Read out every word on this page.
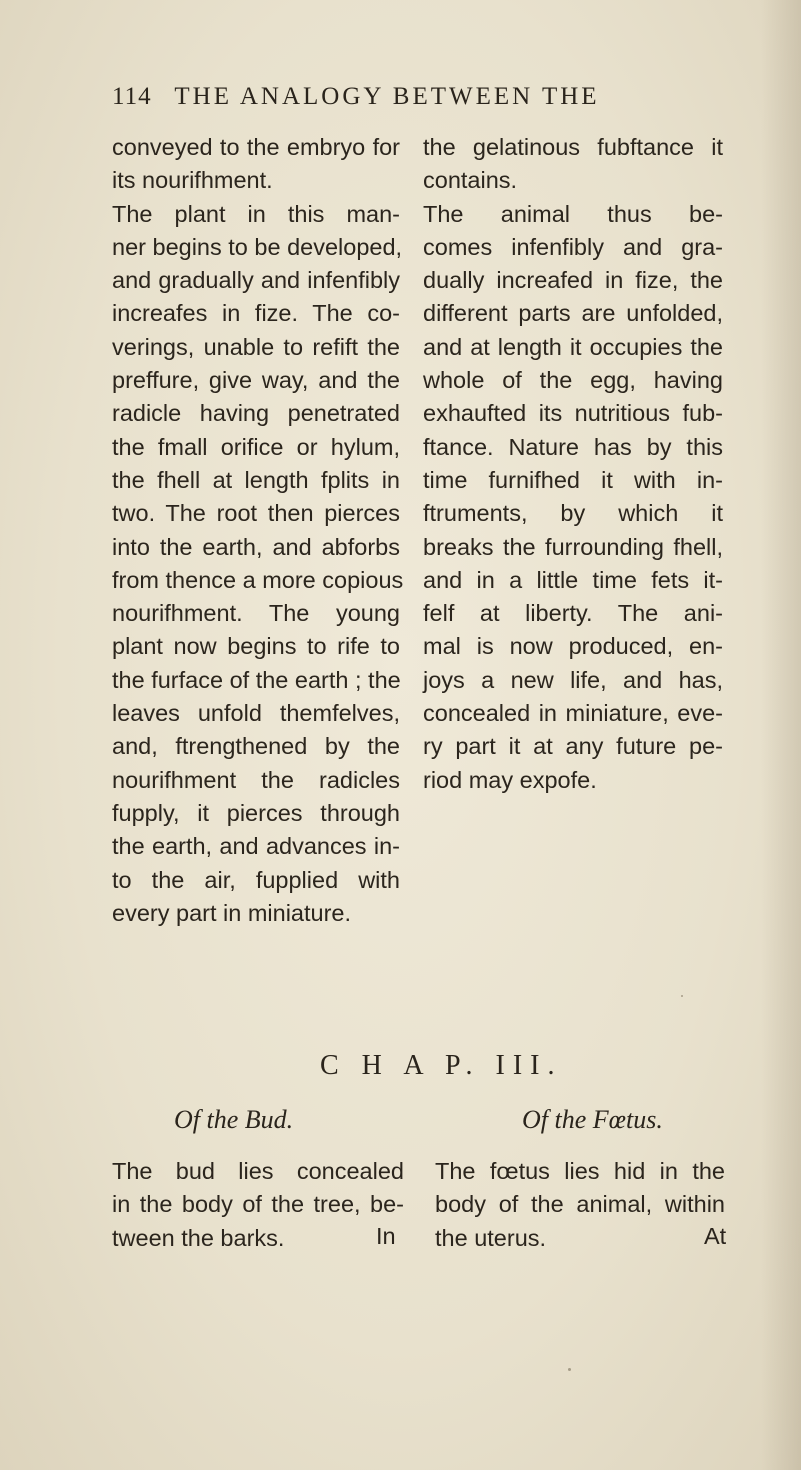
114 THE ANALOGY BETWEEN THE
conveyed to the embryo for
its nourifhment.
The plant in this man-
ner begins to be developed,
and gradually and infenfibly
increafes in fize. The co-
verings, unable to refift the
preffure, give way, and the
radicle having penetrated
the fmall orifice or hylum,
the fhell at length fplits in
two. The root then pierces
into the earth, and abforbs
from thence a more copious
nourifhment. The young
plant now begins to rife to
the furface of the earth ; the
leaves unfold themfelves,
and, ftrengthened by the
nourifhment the radicles
fupply, it pierces through
the earth, and advances in-
to the air, fupplied with
every part in miniature.
the gelatinous fubftance it
contains.
The animal thus be-
comes infenfibly and gra-
dually increafed in fize, the
different parts are unfolded,
and at length it occupies the
whole of the egg, having
exhaufted its nutritious fub-
ftance. Nature has by this
time furnifhed it with in-
ftruments, by which it
breaks the furrounding fhell,
and in a little time fets it-
felf at liberty. The ani-
mal is now produced, en-
joys a new life, and has,
concealed in miniature, eve-
ry part it at any future pe-
riod may expofe.
C H A P. III.
Of the Bud.	Of the Fœtus.
The bud lies concealed
in the body of the tree, be-
tween the barks.
The fœtus lies hid in the
body of the animal, within
the uterus.
In	At
